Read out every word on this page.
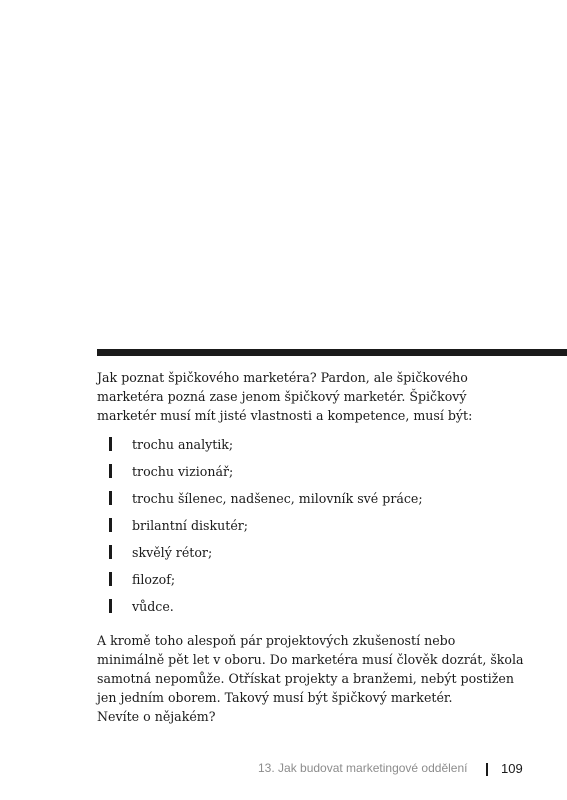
Jak poznat špičkového marketéra? Pardon, ale špičkového

marketéra pozná zase jenom špičkový marketér. Špičkový

marketér musí mít jisté vlastnosti a kompetence, musí být:

trochu analytik;
trochu vizionář;
trochu šílenec, nadšenec, milovník své práce;
brilantní diskutér;
skvělý rétor;
filozof;
vůdce.

A kromě toho alespoň pár projektových zkušeností nebo

minimálně pět let v oboru. Do marketéra musí člověk dozrát, škola

samotná nepomůže. Otřískat projekty a branžemi, nebýt postižen

jen jedním oborem. Takový musí být špičkový marketér.

Nevíte o nějakém?

13. Jak budovat marketingové oddělení	109
